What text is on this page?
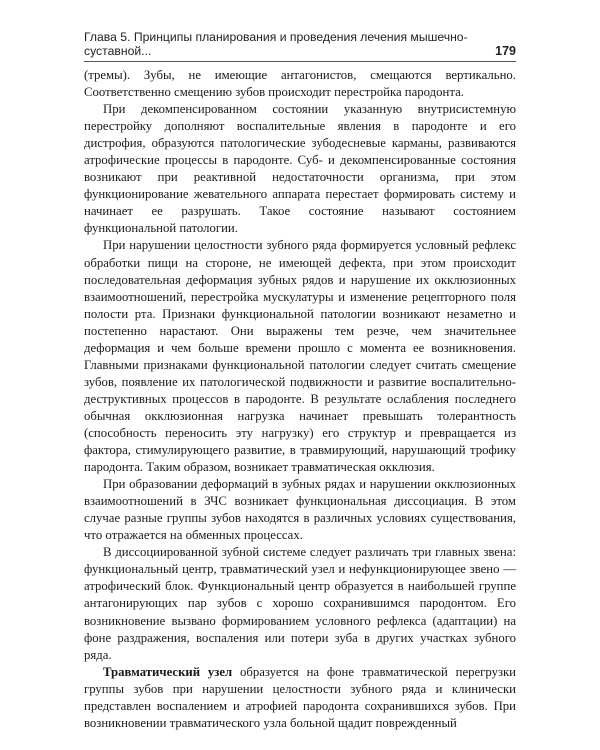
Глава 5. Принципы планирования и проведения лечения мышечно-суставной...	179

(тремы). Зубы, не имеющие антагонистов, смещаются вертикально. Соответственно смещению зубов происходит перестройка пародонта.

При декомпенсированном состоянии указанную внутрисистемную перестройку дополняют воспалительные явления в пародонте и его дистрофия, образуются патологические зубодесневые карманы, развиваются атрофические процессы в пародонте. Суб- и декомпенсированные состояния возникают при реактивной недостаточности организма, при этом функционирование жевательного аппарата перестает формировать систему и начинает ее разрушать. Такое состояние называют состоянием функциональной патологии.

При нарушении целостности зубного ряда формируется условный рефлекс обработки пищи на стороне, не имеющей дефекта, при этом происходит последовательная деформация зубных рядов и нарушение их окклюзионных взаимоотношений, перестройка мускулатуры и изменение рецепторного поля полости рта. Признаки функциональной патологии возникают незаметно и постепенно нарастают. Они выражены тем резче, чем значительнее деформация и чем больше времени прошло с момента ее возникновения. Главными признаками функциональной патологии следует считать смещение зубов, появление их патологической подвижности и развитие воспалительно-деструктивных процессов в пародонте. В результате ослабления последнего обычная окклюзионная нагрузка начинает превышать толерантность (способность переносить эту нагрузку) его структур и превращается из фактора, стимулирующего развитие, в травмирующий, нарушающий трофику пародонта. Таким образом, возникает травматическая окклюзия.

При образовании деформаций в зубных рядах и нарушении окклюзионных взаимоотношений в ЗЧС возникает функциональная диссоциация. В этом случае разные группы зубов находятся в различных условиях существования, что отражается на обменных процессах.

В диссоциированной зубной системе следует различать три главных звена: функциональный центр, травматический узел и нефункционирующее звено — атрофический блок. Функциональный центр образуется в наибольшей группе антагонирующих пар зубов с хорошо сохранившимся пародонтом. Его возникновение вызвано формированием условного рефлекса (адаптации) на фоне раздражения, воспаления или потери зуба в других участках зубного ряда.

Травматический узел образуется на фоне травматической перегрузки группы зубов при нарушении целостности зубного ряда и клинически представлен воспалением и атрофией пародонта сохранившихся зубов. При возникновении травматического узла больной щадит поврежденный
